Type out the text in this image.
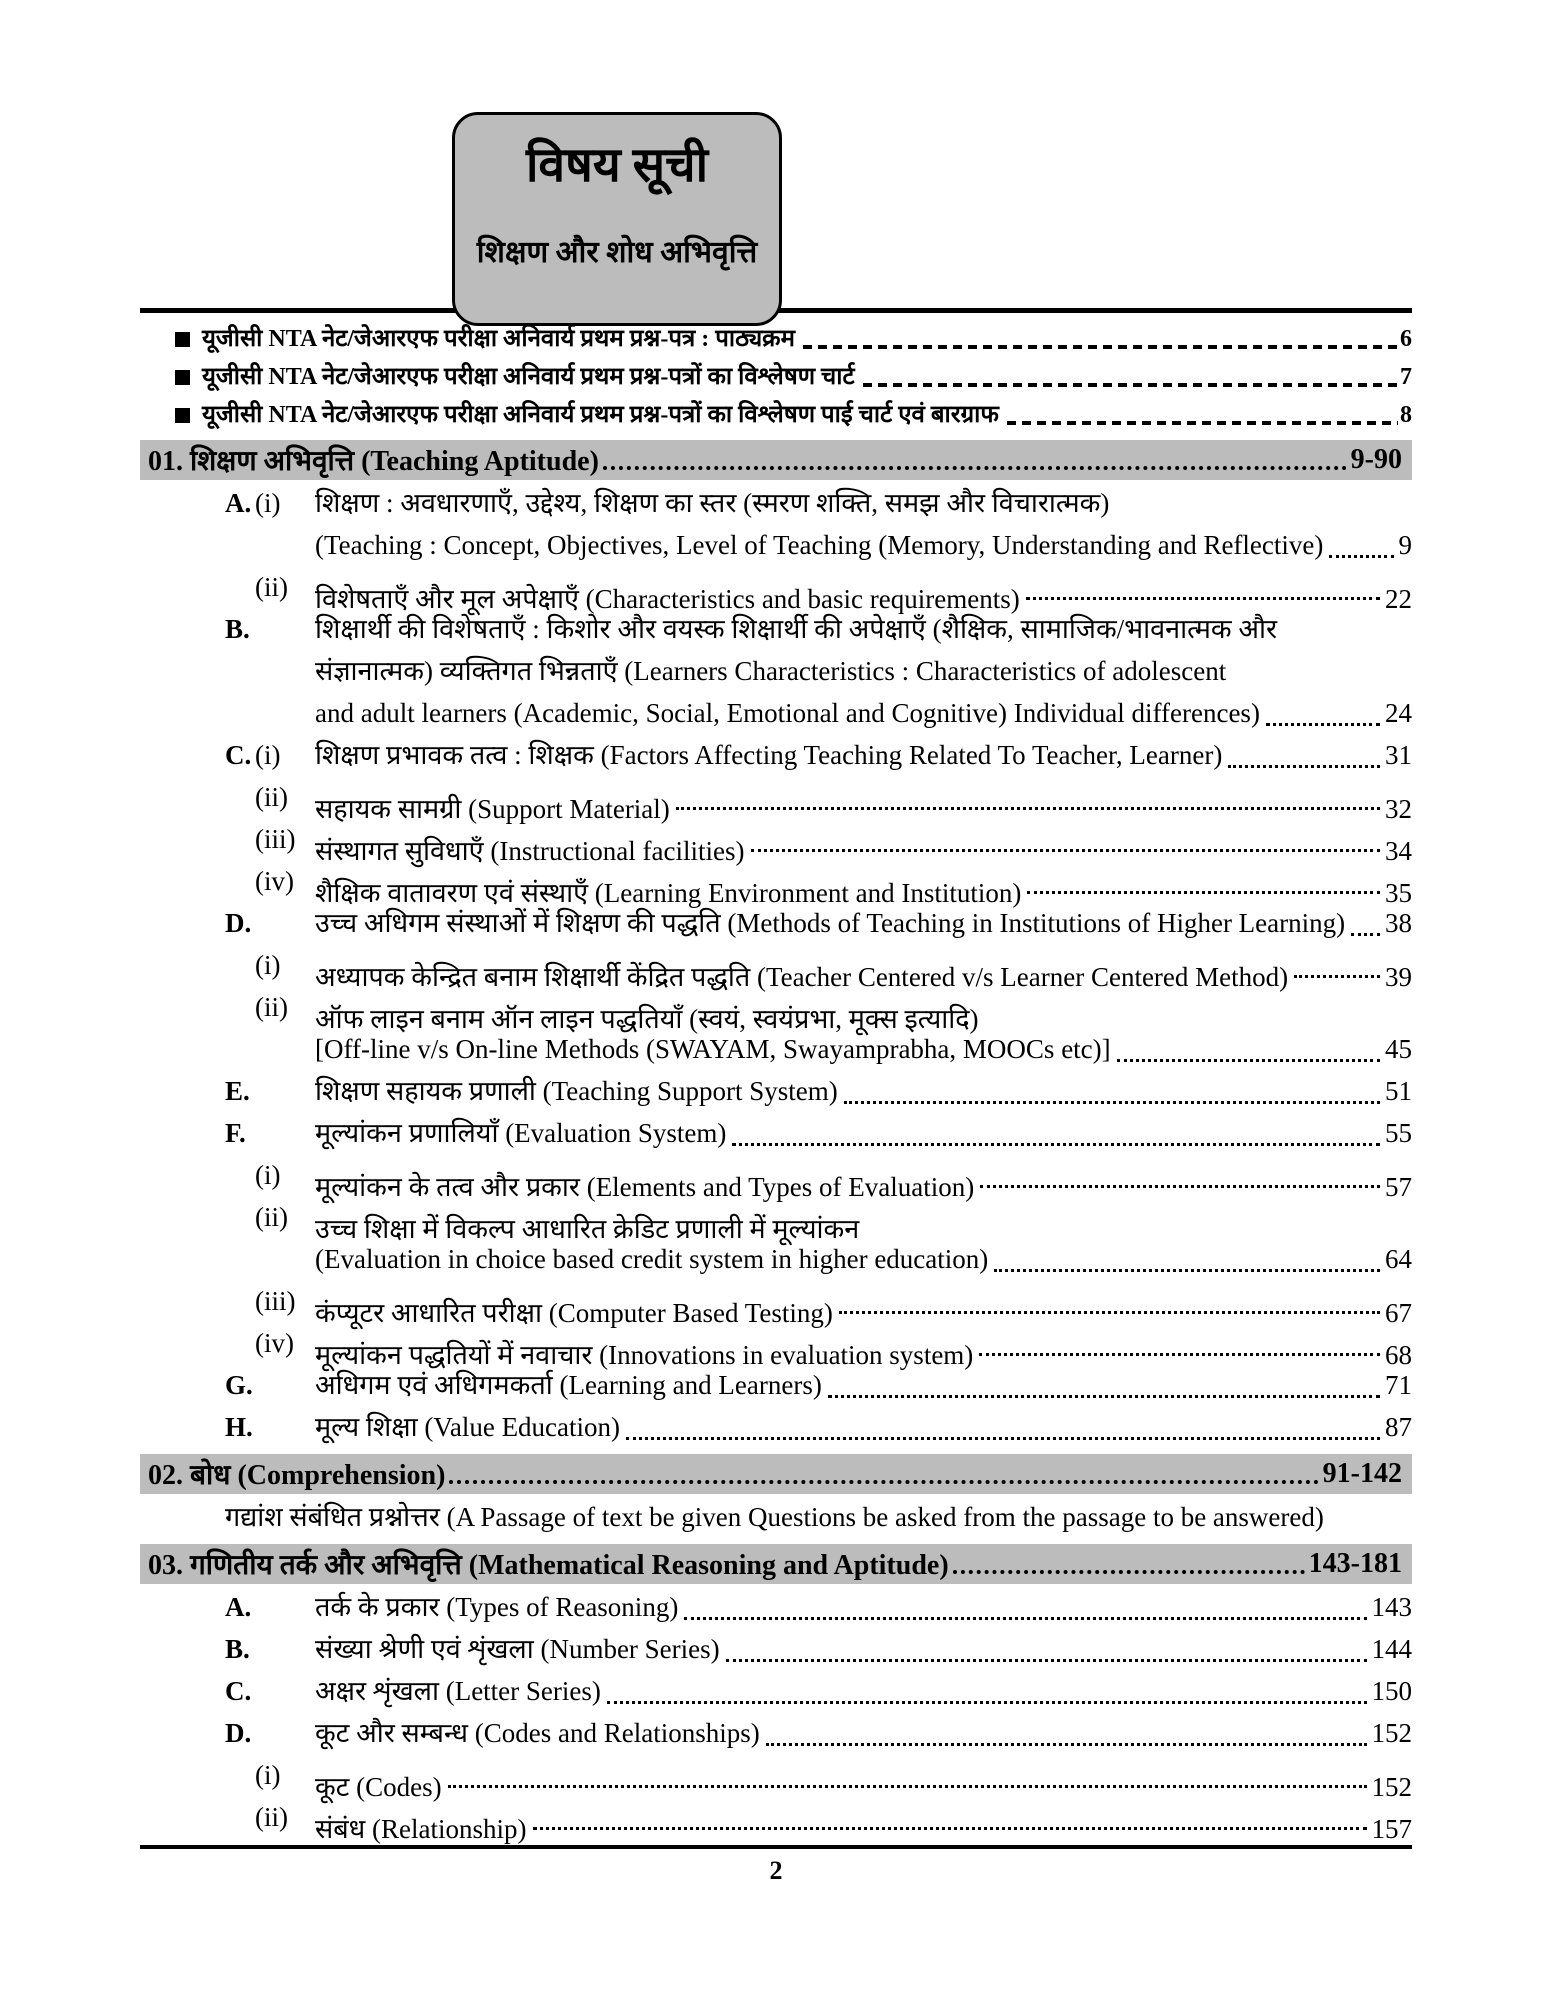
विषय सूची
शिक्षण और शोध अभिवृत्ति
यूजीसी NTA नेट/जेआरएफ परीक्षा अनिवार्य प्रथम प्रश्न-पत्र : पाठ्यक्रम	6
यूजीसी NTA नेट/जेआरएफ परीक्षा अनिवार्य प्रथम प्रश्न-पत्रों का विश्लेषण चार्ट	7
यूजीसी NTA नेट/जेआरएफ परीक्षा अनिवार्य प्रथम प्रश्न-पत्रों का विश्लेषण पाई चार्ट एवं बारग्राफ	8
01. शिक्षण अभिवृत्ति (Teaching Aptitude)	9-90
A. (i) शिक्षण : अवधारणाएँ, उद्देश्य, शिक्षण का स्तर (स्मरण शक्ति, समझ और विचारात्मक)
(Teaching : Concept, Objectives, Level of Teaching (Memory, Understanding and Reflective)	9
(ii) विशेषताएँ और मूल अपेक्षाएँ (Characteristics and basic requirements)	22
B. शिक्षार्थी की विशेषताएँ : किशोर और वयस्क शिक्षार्थी की अपेक्षाएँ (शैक्षिक, सामाजिक/भावनात्मक और
संज्ञानात्मक) व्यक्तिगत भिन्नताएँ (Learners Characteristics : Characteristics of adolescent
and adult learners (Academic, Social, Emotional and Cognitive) Individual differences)	24
C. (i) शिक्षण प्रभावक तत्व : शिक्षक (Factors Affecting Teaching Related To Teacher, Learner)	31
(ii) सहायक सामग्री (Support Material)	32
(iii) संस्थागत सुविधाएँ (Instructional facilities)	34
(iv) शैक्षिक वातावरण एवं संस्थाएँ (Learning Environment and Institution)	35
D. उच्च अधिगम संस्थाओं में शिक्षण की पद्धति (Methods of Teaching in Institutions of Higher Learning) 38
(i) अध्यापक केन्द्रित बनाम शिक्षार्थी केंद्रित पद्धति (Teacher Centered v/s Learner Centered Method)	39
(ii) ऑफ लाइन बनाम ऑन लाइन पद्धतियाँ (स्वयं, स्वयंप्रभा, मूक्स इत्यादि)
[Off-line v/s On-line Methods (SWAYAM, Swayamprabha, MOOCs etc)]	45
E. शिक्षण सहायक प्रणाली (Teaching Support System)	51
F.	मूल्यांकन प्रणालियाँ (Evaluation System)	55
(i) मूल्यांकन के तत्व और प्रकार (Elements and Types of Evaluation)	57
(ii) उच्च शिक्षा में विकल्प आधारित क्रेडिट प्रणाली में मूल्यांकन
(Evaluation in choice based credit system in higher education)	64
(iii) कंप्यूटर आधारित परीक्षा (Computer Based Testing)	67
(iv) मूल्यांकन पद्धतियों में नवाचार (Innovations in evaluation system)	68
G. अधिगम एवं अधिगमकर्ता (Learning and Learners)	71
H. मूल्य शिक्षा (Value Education)	87
02. बोध (Comprehension)	91-142
गद्यांश संबंधित प्रश्नोत्तर (A Passage of text be given Questions be asked from the passage to be answered)
03. गणितीय तर्क और अभिवृत्ति (Mathematical Reasoning and Aptitude)	143-181
A. तर्क के प्रकार (Types of Reasoning)	143
B. संख्या श्रेणी एवं शृंखला (Number Series)	144
C. अक्षर शृंखला (Letter Series)	150
D. कूट और सम्बन्ध (Codes and Relationships)	152
(i) कूट (Codes)	152
(ii) संबंध (Relationship)	157
2
